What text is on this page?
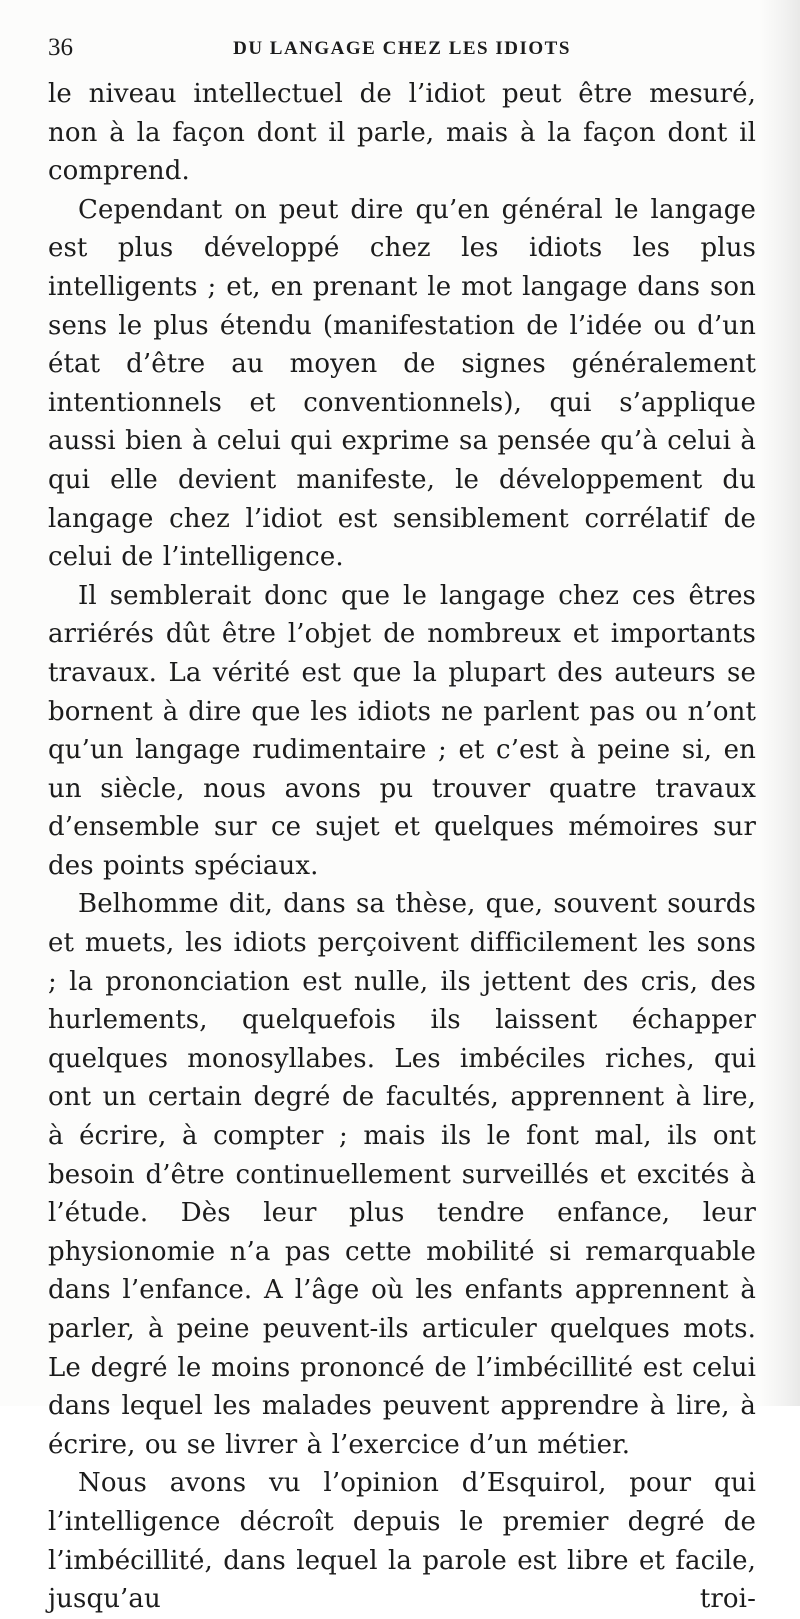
36	DU LANGAGE CHEZ LES IDIOTS

le niveau intellectuel de l’idiot peut être mesuré, non à la façon dont il parle, mais à la façon dont il comprend.

Cependant on peut dire qu’en général le langage est plus développé chez les idiots les plus intelligents ; et, en prenant le mot langage dans son sens le plus étendu (manifestation de l’idée ou d’un état d’être au moyen de signes généralement intentionnels et conventionnels), qui s’applique aussi bien à celui qui exprime sa pensée qu’à celui à qui elle devient manifeste, le développement du langage chez l’idiot est sensiblement corrélatif de celui de l’intelligence.

Il semblerait donc que le langage chez ces êtres arriérés dût être l’objet de nombreux et importants travaux. La vérité est que la plupart des auteurs se bornent à dire que les idiots ne parlent pas ou n’ont qu’un langage rudimentaire ; et c’est à peine si, en un siècle, nous avons pu trouver quatre travaux d’ensemble sur ce sujet et quelques mémoires sur des points spéciaux.

Belhomme dit, dans sa thèse, que, souvent sourds et muets, les idiots perçoivent difficilement les sons ; la prononciation est nulle, ils jettent des cris, des hurlements, quelquefois ils laissent échapper quelques monosyllabes. Les imbéciles riches, qui ont un certain degré de facultés, apprennent à lire, à écrire, à compter ; mais ils le font mal, ils ont besoin d’être continuellement surveillés et excités à l’étude. Dès leur plus tendre enfance, leur physionomie n’a pas cette mobilité si remarquable dans l’enfance. A l’âge où les enfants apprennent à parler, à peine peuvent-ils articuler quelques mots. Le degré le moins prononcé de l’imbécillité est celui dans lequel les malades peuvent apprendre à lire, à écrire, ou se livrer à l’exercice d’un métier.

Nous avons vu l’opinion d’Esquirol, pour qui l’intelligence décroît depuis le premier degré de l’imbécillité, dans lequel la parole est libre et facile, jusqu’au troi-
